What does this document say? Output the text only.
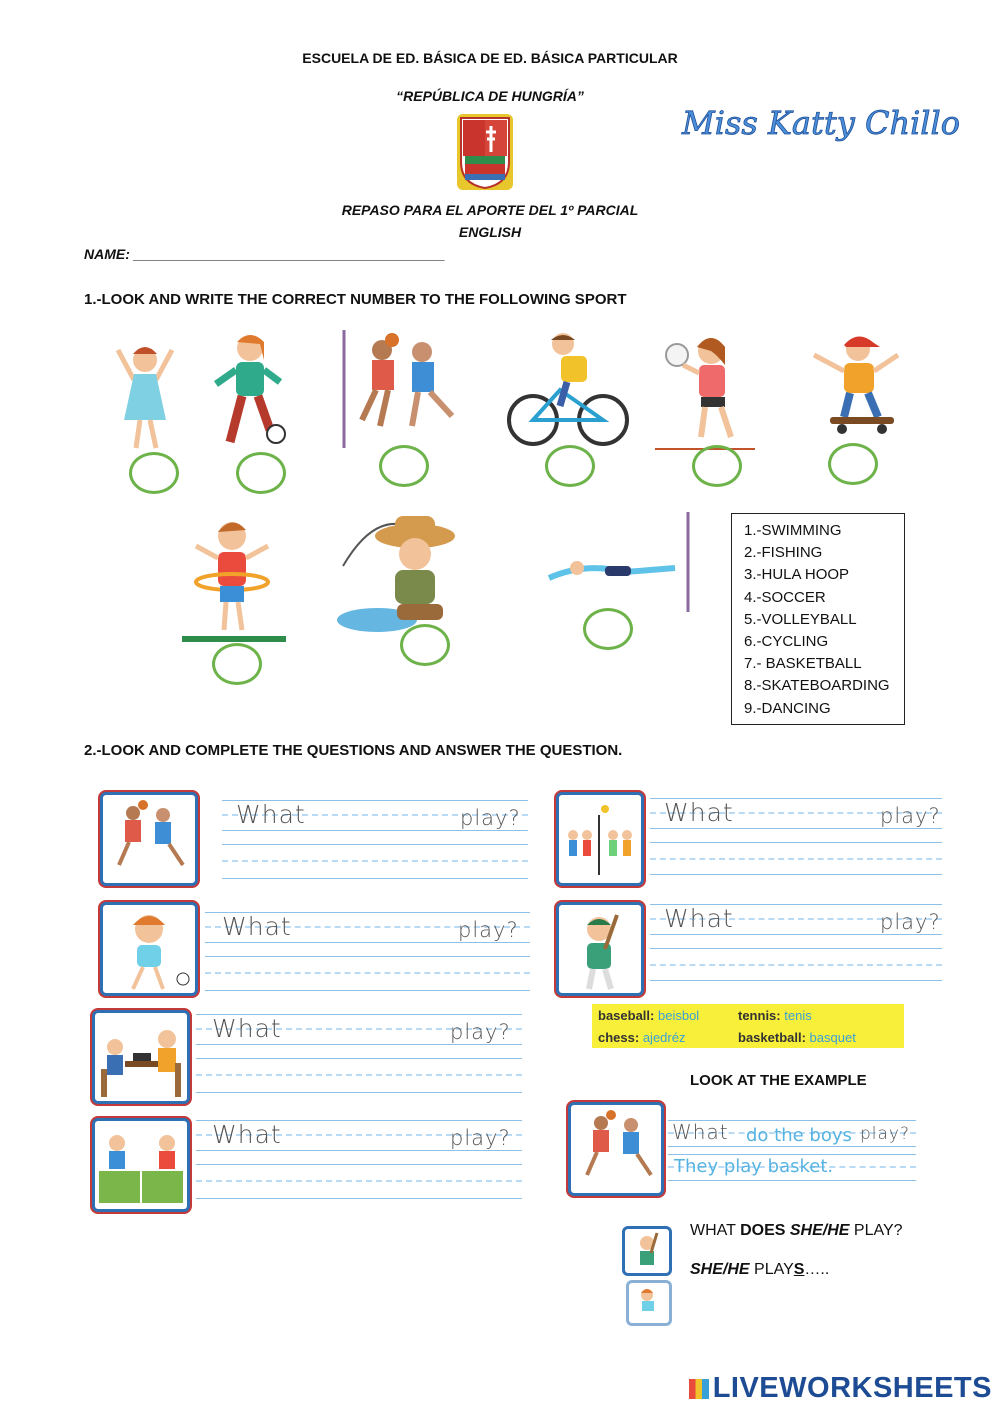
ESCUELA DE ED. BÁSICA DE ED. BÁSICA PARTICULAR
“REPÚBLICA DE HUNGRÍA”
Miss Katty Chillo
REPASO PARA EL APORTE DEL 1º PARCIAL
ENGLISH
NAME: ________________________________________
1.-LOOK AND WRITE THE CORRECT NUMBER TO THE FOLLOWING SPORT
1.-SWIMMING
2.-FISHING
3.-HULA HOOP
4.-SOCCER
5.-VOLLEYBALL
6.-CYCLING
7.- BASKETBALL
8.-SKATEBOARDING
9.-DANCING
2.-LOOK AND COMPLETE THE QUESTIONS AND ANSWER THE QUESTION.
What	play?
What	play?
What	play?
What	play?
What	play?
What	play?
baseball: beisbol	tennis: tenis
chess: ajedréz	basketball: basquet
LOOK AT THE EXAMPLE
What do the boys play?
They play basket.
WHAT DOES SHE/HE PLAY?
SHE/HE PLAYS…..
LIVEWORKSHEETS
